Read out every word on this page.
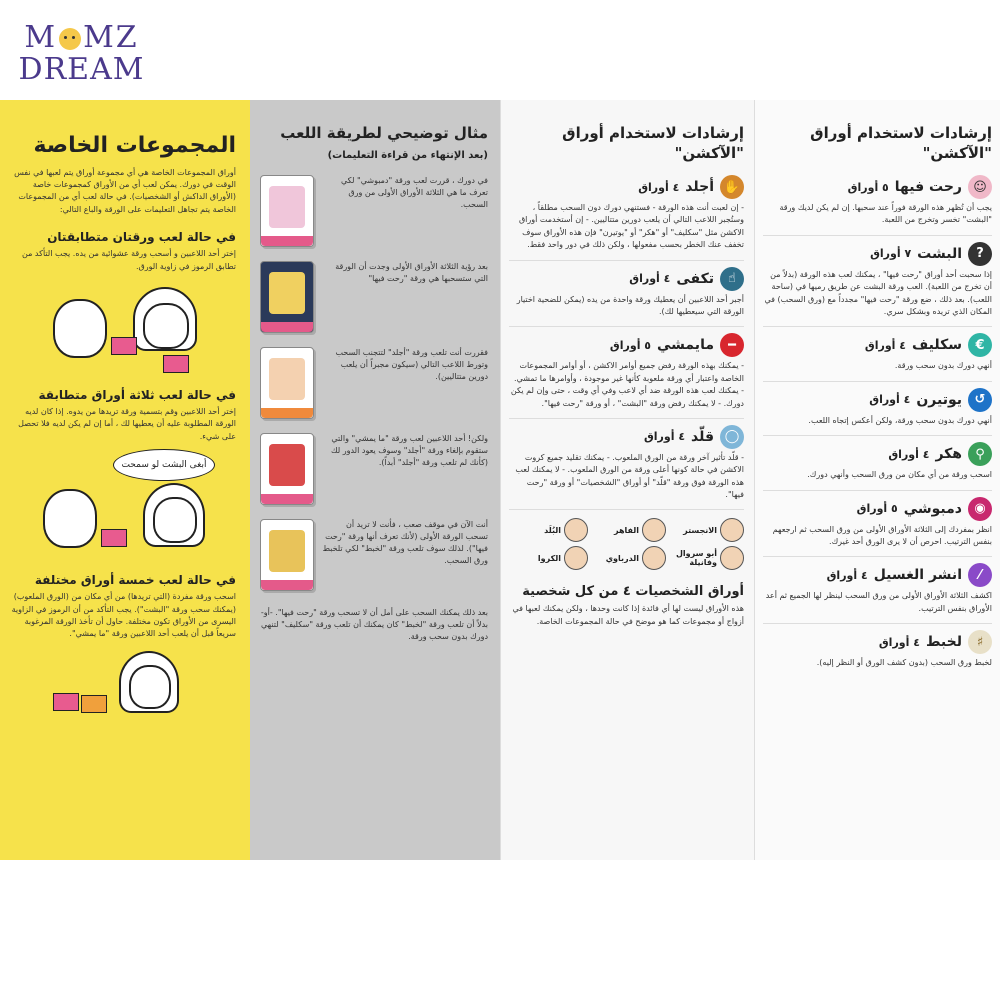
M MZ
DREAM
المجموعات الخاصة
أوراق المجموعات الخاصة هي أي مجموعة أوراق يتم لعبها في نفس الوقت في دورك. يمكن لعب أي من الأوراق كمجموعات خاصة (الأوراق الداكش أو الشخصيات). في حالة لعب أي من المجموعات الخاصة يتم تجاهل التعليمات على الورقة والباع التالي:
في حالة لعب ورقتان متطابقتان
إختر أحد اللاعبين و أسحب ورقة عشوائية من يده. يجب التأكد من تطابق الرموز في زاوية الورق.
في حالة لعب ثلاثة أوراق متطابقة
إختر أحد اللاعبين وقم بتسمية ورقة تريدها من يدوه. إذا كان لديه الورقة المطلوبة عليه أن يعطيها لك ، أما إن لم يكن لديه فلا تحصل على شيء.
أبغى البشت لو سمحت
في حالة لعب خمسة أوراق مختلفة
اسحب ورقة مفردة (التي تريدها) من أي مكان من (الورق الملعوب) (يمكنك سحب ورقة "البشت"). يجب التأكد من أن الرموز في الزاوية اليسرى من الأوراق تكون مختلفة. حاول أن تأخذ الورقة المرغوبة سريعاً قبل أن يلعب أحد اللاعبين ورقة "ما يمشي".
مثال توضيحي لطريقة اللعب
(بعد الإنتهاء من قراءة التعليمات)
في دورك ، قررت لعب ورقة "دمبوشي" لكي تعرف ما هي الثلاثة الأوراق الأولى من ورق السحب.
بعد رؤية الثلاثة الأوراق الأولى وجدت أن الورقة التي ستسحبها هي ورقة "رحت فيها"
فقررت أنت تلعب ورقة "أجلد" لتتجنب السحب وتورط اللاعب التالي (سيكون مجبراً أن يلعب دورين متتاليين).
ولكن! أحد اللاعبين لعب ورقة "ما يمشي" والتي ستقوم بإلغاء ورقة "أجلد" وسوف يعود الدور لك (كأنك لم تلعب ورقة "أجلد" أبداً).
أنت الآن في موقف صعب ، فأنت لا تريد أن تسحب الورقة الأولى (لأنك تعرف أنها ورقة "رحت فيها"). لذلك سوف تلعب ورقة "لخبط" لكي تلخبط ورق السحب.
بعد ذلك يمكنك السحب على أمل أن لا تسحب ورقة "رحت فيها". -أو- بدلاً أن تلعب ورقة "لخبط" كان يمكنك أن تلعب ورقة "سكليف" لتنهي دورك بدون سحب ورقة.
إرشادات لاستخدام أوراق "الآكشن"
✋
أجلد
٤ أوراق
- إن لعبت أنت هذه الورقة - فستنهي دورك دون السحب مطلقاً ، وستُجبر اللاعب التالي أن يلعب دورين متتاليين. - إن أستخدمت أوراق الاكشن مثل "سكليف" أو "هكر" أو "يوتيرن" فإن هذه الأوراق سوف تخفف عنك الخطر بحسب مفعولها ، ولكن ذلك في دور واحد فقط.
☝
تكفى
٤ أوراق
أجبر أحد اللاعبين أن يعطيك ورقة واحدة من يده (يمكن للضحية اختيار الورقة التي سيعطيها لك).
━
مايمشي
٥ أوراق
- يمكنك بهذه الورقة رفض جميع أوامر الاكشن ، أو أوامر المجموعات الخاصة واعتبار أي ورقة ملعوبة كأنها غير موجودة ، وأوامرها ما تمشي. - يمكنك لعب هذه الورقة ضد أي لاعب وفي أي وقت ، حتى وإن لم يكن دورك. - لا يمكنك رفض ورقة "البشت" ، أو ورقة "رحت فيها".
◯
قلّد
٤ أوراق
- قلّد تأثير آخر ورقة من الورق الملعوب. - يمكنك تقليد جميع كروت الاكشن في حالة كونها أعلى ورقة من الورق الملعوب. - لا يمكنك لعب هذه الورقة فوق ورقة "قلّد" أو أوراق "الشخصيات" أو ورقة "رحت فيها".
الانجستر
الفاهر
البُلَد
أبو سروال وفانيلة
الدرباوي
الكروا
أوراق الشخصيات ٤ من كل شخصية
هذه الأوراق ليست لها أي فائدة إذا كانت وحدها ، ولكن يمكنك لعبها في أزواج أو مجموعات كما هو موضح في حالة المجموعات الخاصة.
إرشادات لاستخدام أوراق "الآكشن"
☺
رحت فيها
٥ أوراق
يجب أن تُظهر هذه الورقة فوراً عند سحبها. إن لم يكن لديك ورقة "البشت" تخسر وتخرج من اللعبة.
?
البشت
٧ أوراق
إذا سحبت أحد أوراق "رحت فيها" ، يمكنك لعب هذه الورقة (بدلاً من أن تخرج من اللعبة). العب ورقة البشت عن طريق رميها في (ساحة اللعب). بعد ذلك ، ضع ورقة "رحت فيها" مجدداً مع (ورق السحب) في المكان الذي تريده وبشكل سري.
€
سكليف
٤ أوراق
أنهي دورك بدون سحب ورقة.
↺
يوتيرن
٤ أوراق
أنهي دورك بدون سحب ورقة، ولكن أعكس إتجاه اللعب.
⚲
هكر
٤ أوراق
اسحب ورقة من أي مكان من ورق السحب وأنهي دورك.
◉
دمبوشي
٥ أوراق
انظر بمفردك إلى الثلاثة الأوراق الأولى من ورق السحب ثم ارجعهم بنفس الترتيب. احرص أن لا يرى الورق أحد غيرك.
⁄
انشر الغسيل
٤ أوراق
اكشف الثلاثة الأوراق الأولى من ورق السحب لينظر لها الجميع ثم أعد الأوراق بنفس الترتيب.
♯
لخبط
٤ أوراق
لخبط ورق السحب (بدون كشف الورق أو النظر إليه).
